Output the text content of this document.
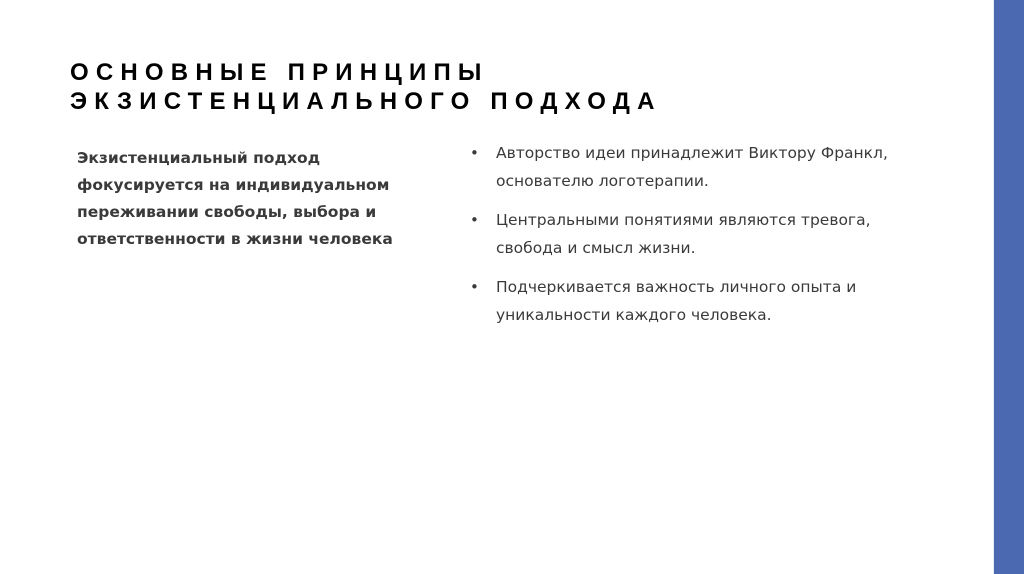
ОСНОВНЫЕ ПРИНЦИПЫ
ЭКЗИСТЕНЦИАЛЬНОГО ПОДХОДА

Экзистенциальный подход фокусируется на индивидуальном переживании свободы, выбора и ответственности в жизни человека

• Авторство идеи принадлежит Виктору Франкл, основателю логотерапии.
• Центральными понятиями являются тревога, свобода и смысл жизни.
• Подчеркивается важность личного опыта и уникальности каждого человека.
